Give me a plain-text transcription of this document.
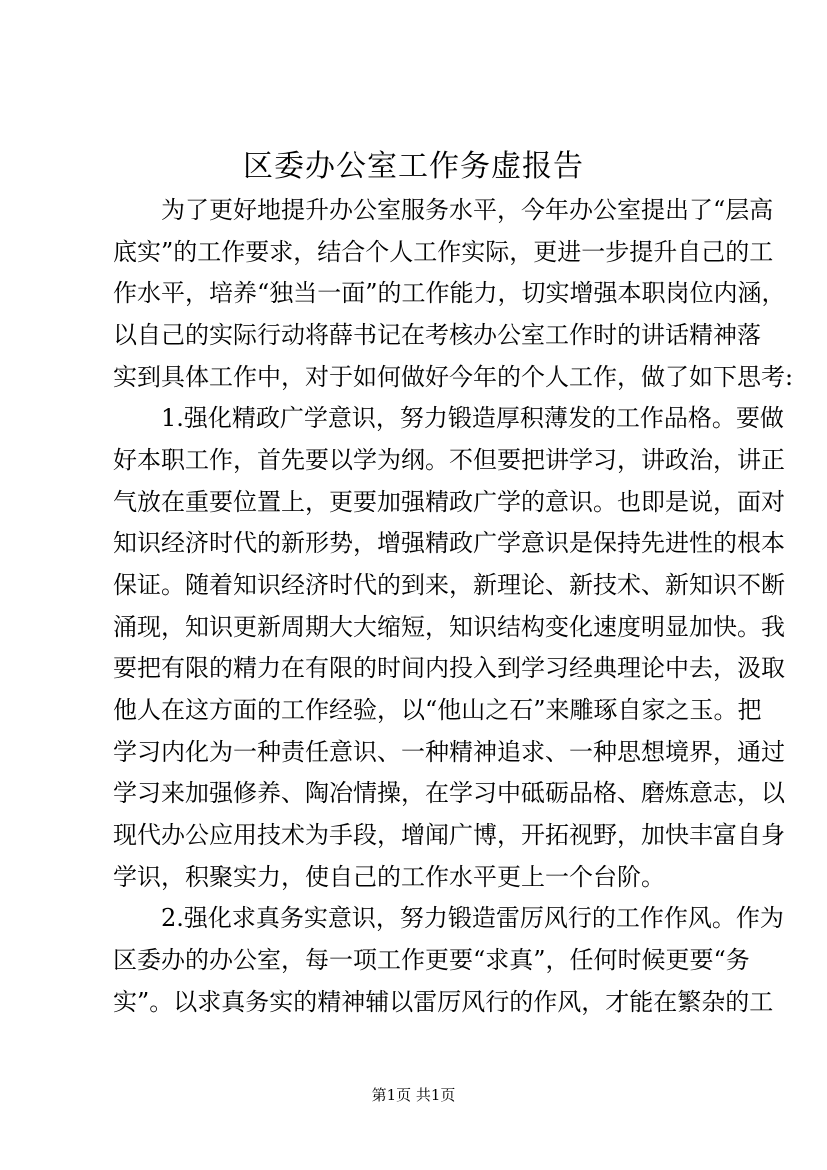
区委办公室工作务虚报告
为了更好地提升办公室服务水平，今年办公室提出了“层高
底实”的工作要求，结合个人工作实际，更进一步提升自己的工
作水平，培养“独当一面”的工作能力，切实增强本职岗位内涵，
以自己的实际行动将薛书记在考核办公室工作时的讲话精神落
实到具体工作中，对于如何做好今年的个人工作，做了如下思考:
1.强化精政广学意识，努力锻造厚积薄发的工作品格。要做
好本职工作，首先要以学为纲。不但要把讲学习，讲政治，讲正
气放在重要位置上，更要加强精政广学的意识。也即是说，面对
知识经济时代的新形势，增强精政广学意识是保持先进性的根本
保证。随着知识经济时代的到来，新理论、新技术、新知识不断
涌现，知识更新周期大大缩短，知识结构变化速度明显加快。我
要把有限的精力在有限的时间内投入到学习经典理论中去，汲取
他人在这方面的工作经验，以“他山之石”来雕琢自家之玉。把
学习内化为一种责任意识、一种精神追求、一种思想境界，通过
学习来加强修养、陶冶情操，在学习中砥砺品格、磨炼意志，以
现代办公应用技术为手段，增闻广博，开拓视野，加快丰富自身
学识，积聚实力，使自己的工作水平更上一个台阶。
2.强化求真务实意识，努力锻造雷厉风行的工作作风。作为
区委办的办公室，每一项工作更要“求真”，任何时候更要“务
实”。以求真务实的精神辅以雷厉风行的作风，才能在繁杂的工
第1页 共1页
